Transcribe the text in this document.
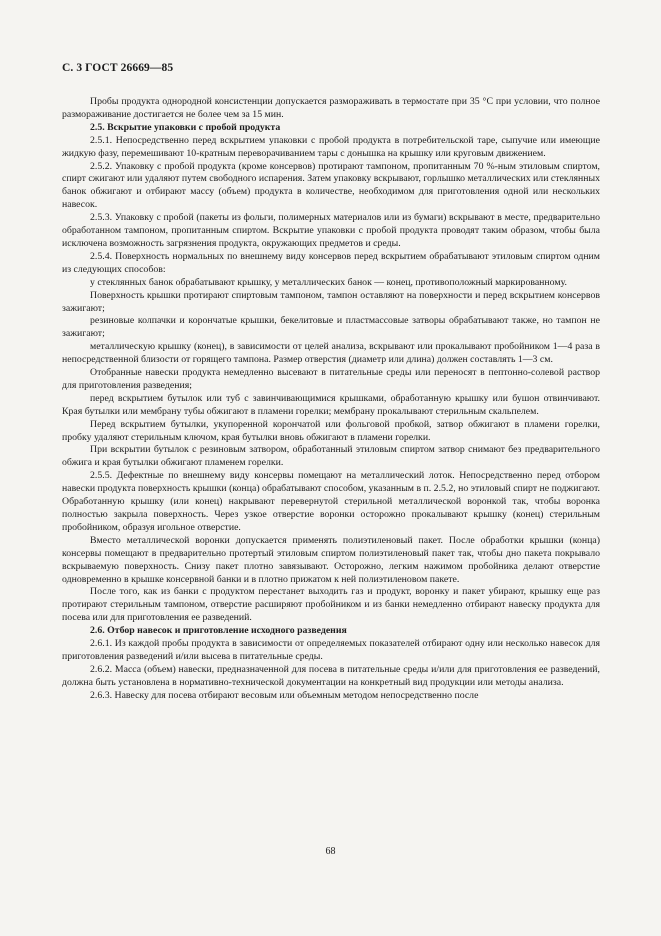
С. 3 ГОСТ 26669—85

Пробы продукта однородной консистенции допускается размораживать в термостате при 35 °С при условии, что полное размораживание достигается не более чем за 15 мин.

2.5. Вскрытие упаковки с пробой продукта

2.5.1. Непосредственно перед вскрытием упаковки с пробой продукта в потребительской таре, сыпучие или имеющие жидкую фазу, перемешивают 10-кратным переворачиванием тары с донышка на крышку или круговым движением.

2.5.2. Упаковку с пробой продукта (кроме консервов) протирают тампоном, пропитанным 70 %-ным этиловым спиртом, спирт сжигают или удаляют путем свободного испарения. Затем упаковку вскрывают, горлышко металлических или стеклянных банок обжигают и отбирают массу (объем) продукта в количестве, необходимом для приготовления одной или нескольких навесок.

2.5.3. Упаковку с пробой (пакеты из фольги, полимерных материалов или из бумаги) вскрывают в месте, предварительно обработанном тампоном, пропитанным спиртом. Вскрытие упаковки с пробой продукта проводят таким образом, чтобы была исключена возможность загрязнения продукта, окружающих предметов и среды.

2.5.4. Поверхность нормальных по внешнему виду консервов перед вскрытием обрабатывают этиловым спиртом одним из следующих способов:

у стеклянных банок обрабатывают крышку, у металлических банок — конец, противоположный маркированному.

Поверхность крышки протирают спиртовым тампоном, тампон оставляют на поверхности и перед вскрытием консервов зажигают;

резиновые колпачки и корончатые крышки, бекелитовые и пластмассовые затворы обрабатывают также, но тампон не зажигают;

металлическую крышку (конец), в зависимости от целей анализа, вскрывают или прокалывают пробойником 1—4 раза в непосредственной близости от горящего тампона. Размер отверстия (диаметр или длина) должен составлять 1—3 см.

Отобранные навески продукта немедленно высевают в питательные среды или переносят в пептонно-солевой раствор для приготовления разведения;

перед вскрытием бутылок или туб с завинчивающимися крышками, обработанную крышку или бушон отвинчивают. Края бутылки или мембрану тубы обжигают в пламени горелки; мембрану прокалывают стерильным скальпелем.

Перед вскрытием бутылки, укупоренной корончатой или фольговой пробкой, затвор обжигают в пламени горелки, пробку удаляют стерильным ключом, края бутылки вновь обжигают в пламени горелки.

При вскрытии бутылок с резиновым затвором, обработанный этиловым спиртом затвор снимают без предварительного обжига и края бутылки обжигают пламенем горелки.

2.5.5. Дефектные по внешнему виду консервы помещают на металлический лоток. Непосредственно перед отбором навески продукта поверхность крышки (конца) обрабатывают способом, указанным в п. 2.5.2, но этиловый спирт не поджигают. Обработанную крышку (или конец) накрывают перевернутой стерильной металлической воронкой так, чтобы воронка полностью закрыла поверхность. Через узкое отверстие воронки осторожно прокалывают крышку (конец) стерильным пробойником, образуя игольное отверстие.

Вместо металлической воронки допускается применять полиэтиленовый пакет. После обработки крышки (конца) консервы помещают в предварительно протертый этиловым спиртом полиэтиленовый пакет так, чтобы дно пакета покрывало вскрываемую поверхность. Снизу пакет плотно завязывают. Осторожно, легким нажимом пробойника делают отверстие одновременно в крышке консервной банки и в плотно прижатом к ней полиэтиленовом пакете.

После того, как из банки с продуктом перестанет выходить газ и продукт, воронку и пакет убирают, крышку еще раз протирают стерильным тампоном, отверстие расширяют пробойником и из банки немедленно отбирают навеску продукта для посева или для приготовления ее разведений.

2.6. Отбор навесок и приготовление исходного разведения

2.6.1. Из каждой пробы продукта в зависимости от определяемых показателей отбирают одну или несколько навесок для приготовления разведений и/или высева в питательные среды.

2.6.2. Масса (объем) навески, предназначенной для посева в питательные среды и/или для приготовления ее разведений, должна быть установлена в нормативно-технической документации на конкретный вид продукции или методы анализа.

2.6.3. Навеску для посева отбирают весовым или объемным методом непосредственно после

68
